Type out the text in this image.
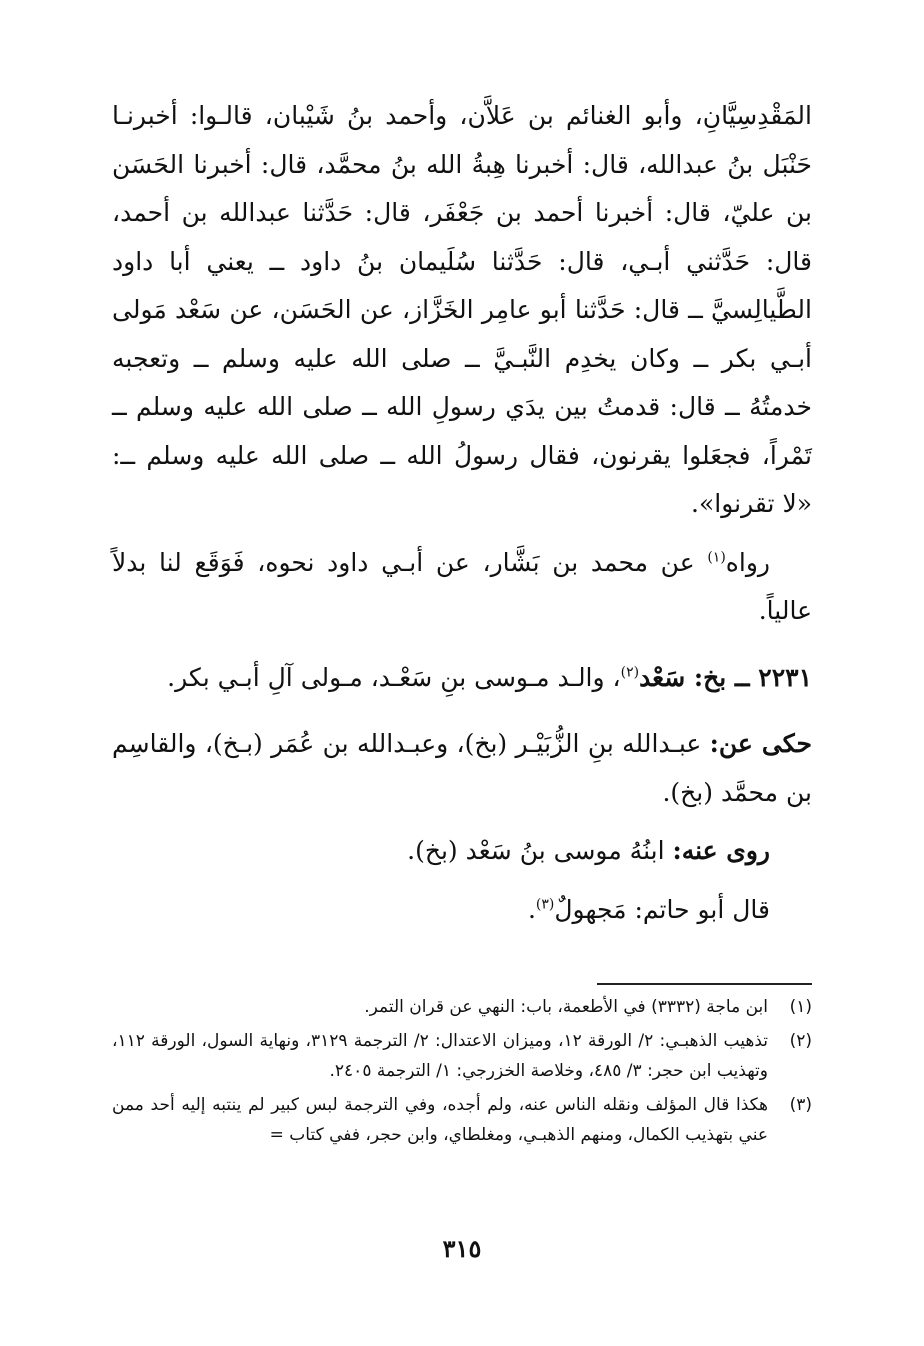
المَقْدِسِيَّانِ، وأبو الغنائم بن عَلاَّن، وأحمد بنُ شَيْبان، قالـوا: أخبرنـا حَنْبَل بنُ عبدالله، قال: أخبرنا هِبةُ الله بنُ محمَّد، قال: أخبرنا الحَسَن بن عليّ، قال: أخبرنا أحمد بن جَعْفَر، قال: حَدَّثنا عبدالله بن أحمد، قال: حَدَّثني أبـي، قال: حَدَّثنا سُلَيمان بنُ داود ــ يعني أبا داود الطَّيالِسيَّ ــ قال: حَدَّثنا أبو عامِر الخَزَّاز، عن الحَسَن، عن سَعْد مَولى أبـي بكر ــ وكان يخدِم النَّبـيَّ ــ صلى الله عليه وسلم ــ وتعجبه خدمتُهُ ــ قال: قدمتُ بين يدَي رسولِ الله ــ صلى الله عليه وسلم ــ تَمْراً، فجعَلوا يقرنون، فقال رسولُ الله ــ صلى الله عليه وسلم ــ: «لا تقرنوا».

رواه$^{(١)}$ عن محمد بن بَشَّار، عن أبـي داود نحوه، فَوَقَع لنا بدلاً عالياً.

٢٢٣١ ــ بخ: سَعْد$^{(٢)}$، والـد مـوسى بنِ سَعْـد، مـولى آلِ أبـي بكر.

حكى عن: عبـدالله بنِ الزُّبَيْـر (بخ)، وعبـدالله بن عُمَر (بـخ)، والقاسِم بن محمَّد (بخ).

روى عنه: ابنُهُ موسى بنُ سَعْد (بخ).

قال أبو حاتم: مَجهولٌ$^{(٣)}$.

(١)
ابن ماجة (٣٣٣٢) في الأطعمة، باب: النهي عن قران التمر.

(٢)
تذهيب الذهبـي: ٢/ الورقة ١٢، وميزان الاعتدال: ٢/ الترجمة ٣١٢٩، ونهاية السول، الورقة ١١٢، وتهذيب ابن حجر: ٣/ ٤٨٥، وخلاصة الخزرجي: ١/ الترجمة ٢٤٠٥.

(٣)
هكذا قال المؤلف ونقله الناس عنه، ولم أجده، وفي الترجمة لبس كبير لم ينتبه إليه أحد ممن عني بتهذيب الكمال، ومنهم الذهبـي، ومغلطاي، وابن حجر، ففي كتاب =

٣١٥
